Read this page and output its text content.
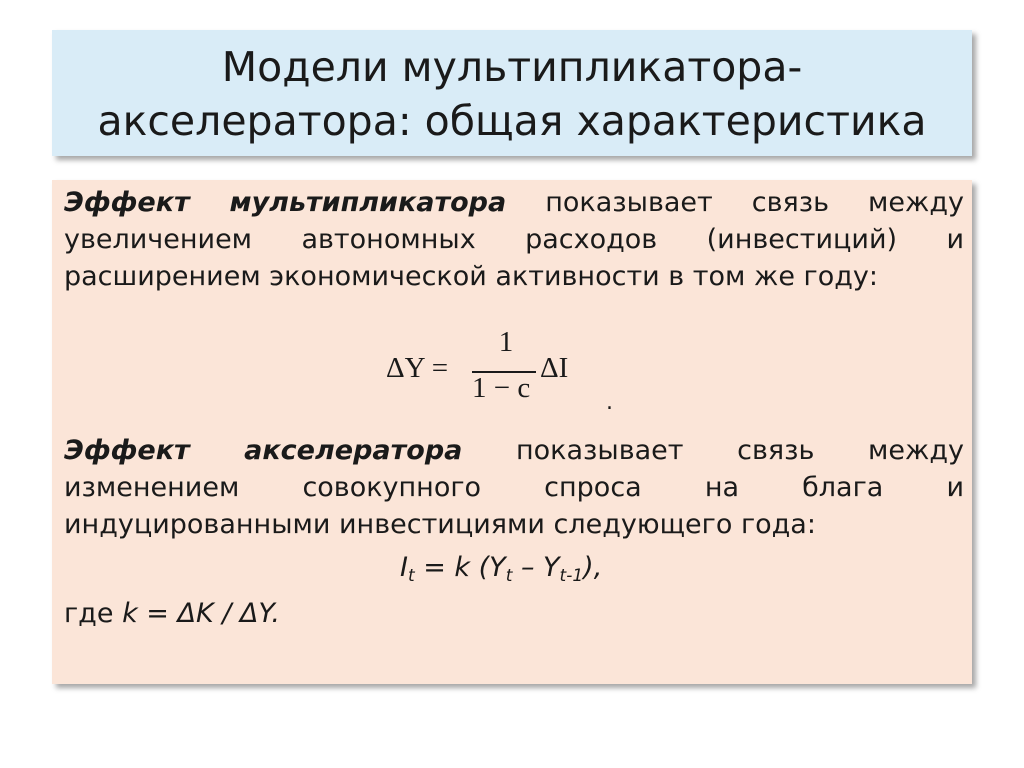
Модели мультипликатора-
акселератора: общая характеристика
Эффект мультипликатора показывает связь между увеличением автономных расходов (инвестиций) и расширением экономической активности в том же году:
ΔY =
1
1 − c
ΔI
.
Эффект акселератора показывает связь между изменением совокупного спроса на блага и индуцированными инвестициями следующего года:
$I_t = k$ $(Y_t - Y_{t-1})$,
где k = ΔK / ΔY.
